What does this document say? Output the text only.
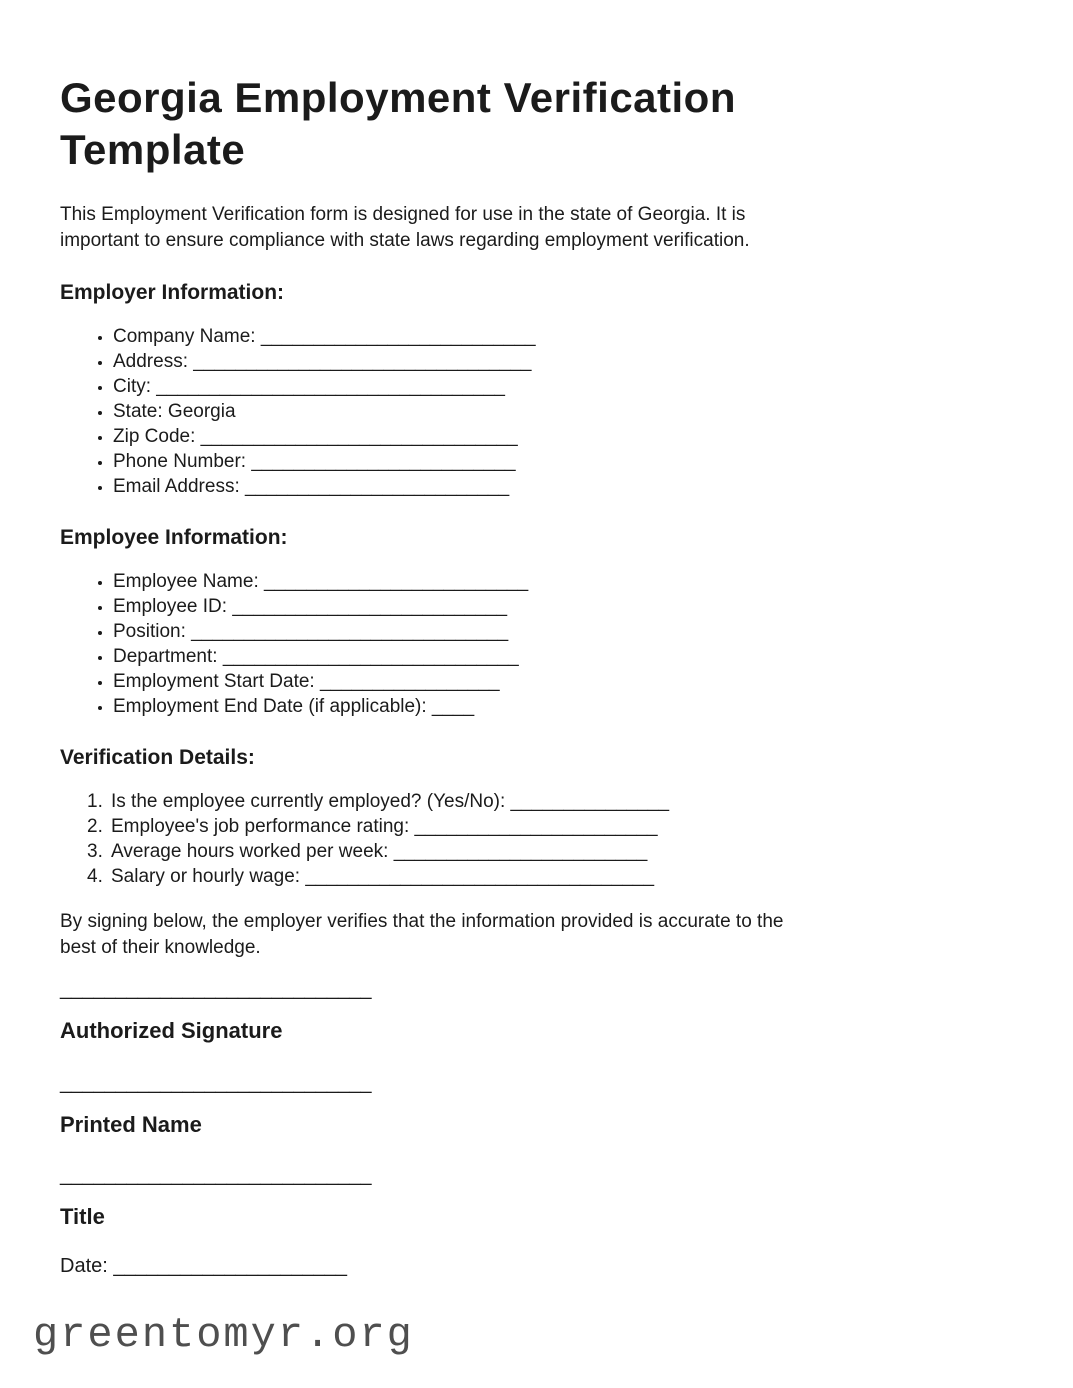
Georgia Employment Verification
Template

This Employment Verification form is designed for use in the state of Georgia. It is
important to ensure compliance with state laws regarding employment verification.

Employer Information:
• Company Name: __________________________
• Address: ________________________________
• City: _________________________________
• State: Georgia
• Zip Code: ______________________________
• Phone Number: _________________________
• Email Address: _________________________
Employee Information:
• Employee Name: _________________________
• Employee ID: __________________________
• Position: ______________________________
• Department: ____________________________
• Employment Start Date: _________________
• Employment End Date (if applicable): ____
Verification Details:
1. Is the employee currently employed? (Yes/No): _______________
2. Employee's job performance rating: _______________________
3. Average hours worked per week: ________________________
4. Salary or hourly wage: _________________________________

By signing below, the employer verifies that the information provided is accurate to the
best of their knowledge.

____________________________
Authorized Signature
____________________________
Printed Name
____________________________
Title
Date: _____________________
greentomyr.org
